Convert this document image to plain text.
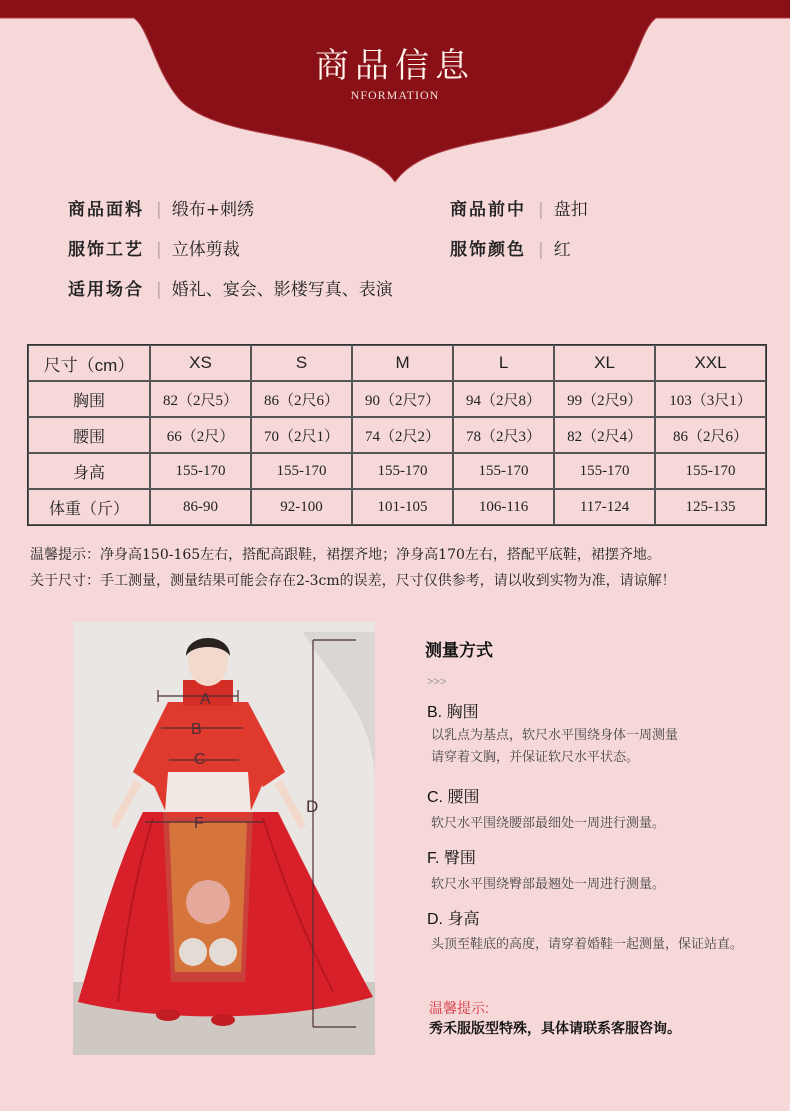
商品信息
NFORMATION
商品面料 | 缎布+刺绣	商品前中 | 盘扣
服饰工艺 | 立体剪裁	服饰颜色 | 红
适用场合 | 婚礼、宴会、影楼写真、表演
尺寸（cm）	XS	S	M	L	XL	XXL
胸围	82（2尺5）	86（2尺6）	90（2尺7）	94（2尺8）	99（2尺9）	103（3尺1）
腰围	66（2尺）	70（2尺1）	74（2尺2）	78（2尺3）	82（2尺4）	86（2尺6）
身高	155-170	155-170	155-170	155-170	155-170	155-170
体重（斤）	86-90	92-100	101-105	106-116	117-124	125-135
温馨提示：净身高150-165左右，搭配高跟鞋，裙摆齐地；净身高170左右，搭配平底鞋，裙摆齐地。
关于尺寸：手工测量，测量结果可能会存在2-3cm的误差，尺寸仅供参考，请以收到实物为准，请谅解！
A
B
C
D
F
测量方式
>>>
B. 胸围
以乳点为基点，软尺水平围绕身体一周测量
请穿着文胸，并保证软尺水平状态。
C. 腰围
软尺水平围绕腰部最细处一周进行测量。
F. 臀围
软尺水平围绕臀部最翘处一周进行测量。
D. 身高
头顶至鞋底的高度，请穿着婚鞋一起测量，保证站直。
温馨提示:
秀禾服版型特殊，具体请联系客服咨询。
